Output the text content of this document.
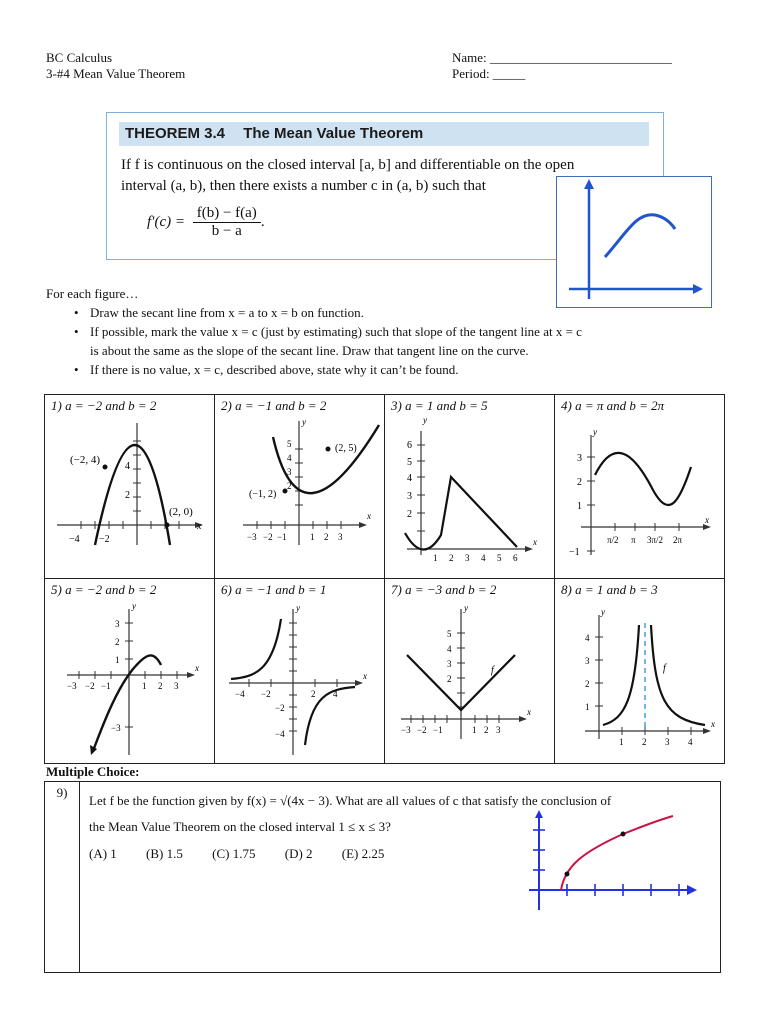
BC Calculus
3-#4 Mean Value Theorem
Name: ____________________________
Period: _____
THEOREM 3.4 The Mean Value Theorem
If f is continuous on the closed interval [a, b] and differentiable on the open
interval (a, b), then there exists a number c in (a, b) such that
$f'(c) = \frac{f(b) - f(a)}{b - a}$ .
For each figure…
• Draw the secant line from x = a to x = b on function.
• If possible, mark the value x = c (just by estimating) such that slope of the tangent line at x = c
is about the same as the slope of the secant line. Draw that tangent line on the curve.
• If there is no value, x = c, described above, state why it can’t be found.
1) a = −2 and b = 2
(−2, 4)
(2, 0)
4
2
−4 −2
x
2) a = −1 and b = 2
(2, 5)
(−1, 2)
5
4
3
2
−3 −2 −1	1 2 3
y
x
3) a = 1 and b = 5
y
6
5
4
3
2
1 2 3 4 5 6
x
4) a = π and b = 2π
y
3
2
1
−1
π/2 π 3π/2 2π
x
5) a = −2 and b = 2
y
3
2
1
−3 −2 −1	1 2 3
−3
x
6) a = −1 and b = 1
y
−4 −2	2 4
−2
−4
x
7) a = −3 and b = 2
y
5
4
3
2
f
−3 −2 −1	1 2 3
x
8) a = 1 and b = 3
y
4
3
2
1
f
1 2 3 4
x
Multiple Choice:
9)
Let f be the function given by f(x) = √(4x − 3). What are all values of c that satisfy the conclusion of
the Mean Value Theorem on the closed interval 1 ≤ x ≤ 3?
(A) 1 (B) 1.5 (C) 1.75 (D) 2 (E) 2.25
